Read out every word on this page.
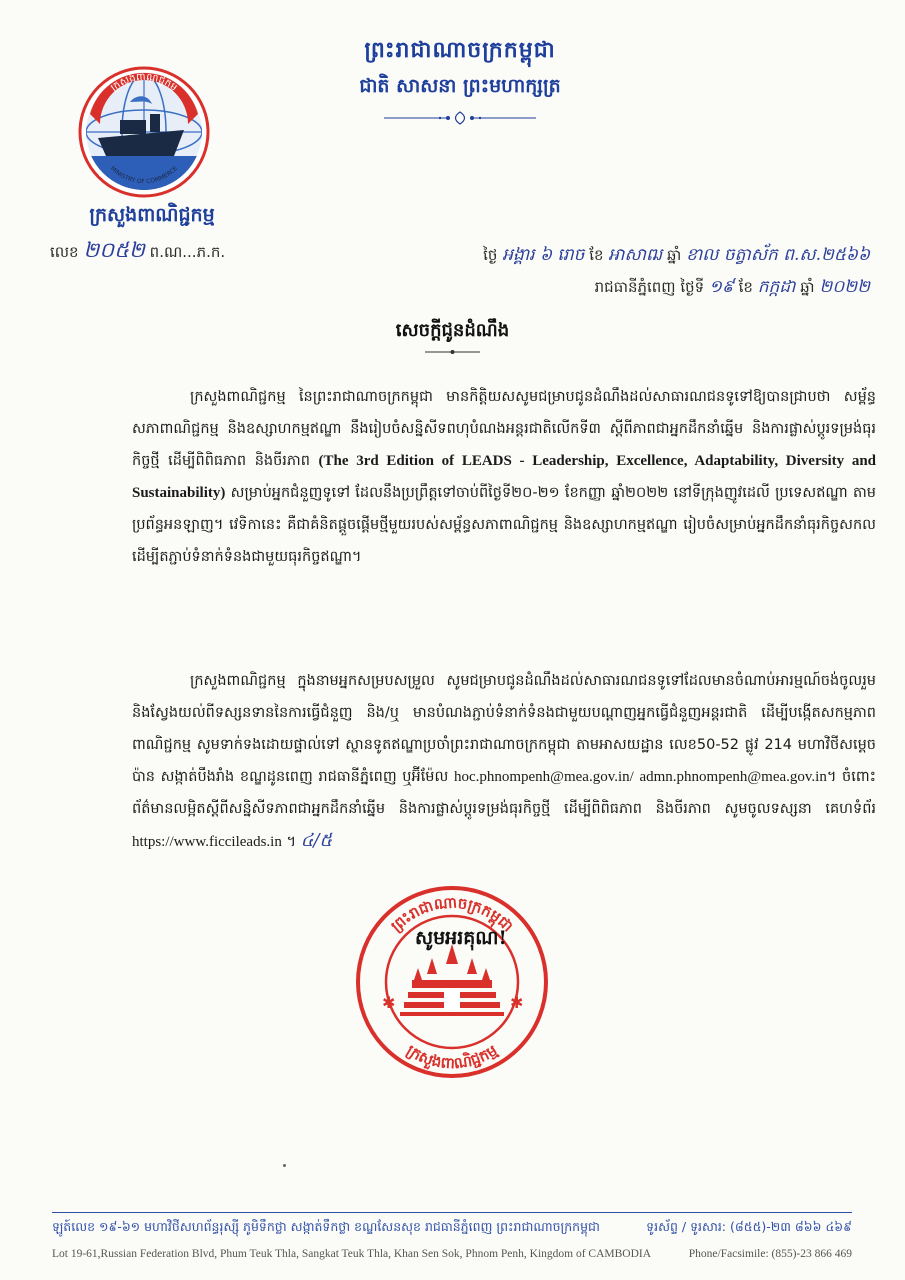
ព្រះរាជាណាចក្រកម្ពុជា
ជាតិ សាសនា ព្រះមហាក្សត្រ
ក្រសួងពាណិជ្ជកម្ម
MINISTRY OF COMMERCE
ក្រសួងពាណិជ្ជកម្ម
លេខ ២០៥២ ព.ណ...ភ.ក.	ថ្ងៃ អង្គារ ៦ រោច ខែ អាសាឍ ឆ្នាំ ខាល ចត្វាស័ក ព.ស.២៥៦៦
រាជធានីភ្នំពេញ ថ្ងៃទី ១៩ ខែ កក្កដា ឆ្នាំ ២០២២
សេចក្ដីជូនដំណឹង
ក្រសួងពាណិជ្ជកម្ម នៃព្រះរាជាណាចក្រកម្ពុជា មានកិត្តិយសសូមជម្រាបជូនដំណឹងដល់សាធារណជនទូទៅឱ្យបានជ្រាបថា សម្ព័ន្ធសភាពាណិជ្ជកម្ម និងឧស្សាហកម្មឥណ្ឌា នឹងរៀបចំសន្និសីទពហុបំណងអន្តរជាតិលើកទី៣ ស្ដីពីភាពជាអ្នកដឹកនាំឆ្នើម និងការផ្លាស់ប្ដូរទម្រង់ធុរកិច្ចថ្មី ដើម្បីពិពិធភាព និងចីរភាព (The 3rd Edition of LEADS - Leadership, Excellence, Adaptability, Diversity and Sustainability) សម្រាប់អ្នកជំនួញទូទៅ ដែលនឹងប្រព្រឹត្តទៅចាប់ពីថ្ងៃទី២០-២១ ខែកញ្ញា ឆ្នាំ២០២២ នៅទីក្រុងញូវដេលី ប្រទេសឥណ្ឌា តាមប្រព័ន្ធអនឡាញ។ វេទិកានេះ គឺជាគំនិតផ្ដួចផ្ដើមថ្មីមួយរបស់សម្ព័ន្ធសភាពាណិជ្ជកម្ម និងឧស្សាហកម្មឥណ្ឌា រៀបចំសម្រាប់អ្នកដឹកនាំធុរកិច្ចសកល ដើម្បីតភ្ជាប់ទំនាក់ទំនងជាមួយធុរកិច្ចឥណ្ឌា។
ក្រសួងពាណិជ្ជកម្ម ក្នុងនាមអ្នកសម្របសម្រួល សូមជម្រាបជូនដំណឹងដល់សាធារណជនទូទៅដែលមានចំណាប់អារម្មណ៍ចង់ចូលរួម និងស្វែងយល់ពីទស្សនទាននៃការធ្វើជំនួញ និង/ឬ មានបំណងភ្ជាប់ទំនាក់ទំនងជាមួយបណ្ដាញអ្នកធ្វើជំនួញអន្តរជាតិ ដើម្បីបង្កើតសកម្មភាពពាណិជ្ជកម្ម សូមទាក់ទងដោយផ្ទាល់ទៅ ស្ថានទូតឥណ្ឌាប្រចាំព្រះរាជាណាចក្រកម្ពុជា តាមអាសយដ្ឋាន លេខ50-52 ផ្លូវ 214 មហាវិថីសម្ដេចប៉ាន សង្កាត់បឹងរាំង ខណ្ឌដូនពេញ រាជធានីភ្នំពេញ ឬអ៊ីម៉ែល hoc.phnompenh@mea.gov.in/ admn.phnompenh@mea.gov.in។ ចំពោះព័ត៌មានលម្អិតស្ដីពីសន្និសីទភាពជាអ្នកដឹកនាំឆ្នើម និងការផ្លាស់ប្ដូរទម្រង់ធុរកិច្ចថ្មី ដើម្បីពិពិធភាព និងចីរភាព សូមចូលទស្សនា គេហទំព័រ https://www.ficcileads.in ។ ៤/៥
ព្រះរាជាណាចក្រកម្ពុជា
ក្រសួងពាណិជ្ជកម្ម
✱	✱
សូមអរគុណ!
ឡូត៍លេខ ១៩-៦១ មហាវិថីសហព័ន្ធរុស្ស៊ី ភូមិទឹកថ្លា សង្កាត់ទឹកថ្លា ខណ្ឌសែនសុខ រាជធានីភ្នំពេញ ព្រះរាជាណាចក្រកម្ពុជា	ទូរស័ព្ទ / ទូរសារ: (៨៥៥)-២៣ ៨៦៦ ៤៦៩
Lot 19-61,Russian Federation Blvd, Phum Teuk Thla, Sangkat Teuk Thla, Khan Sen Sok, Phnom Penh, Kingdom of CAMBODIA	Phone/Facsimile: (855)-23 866 469
